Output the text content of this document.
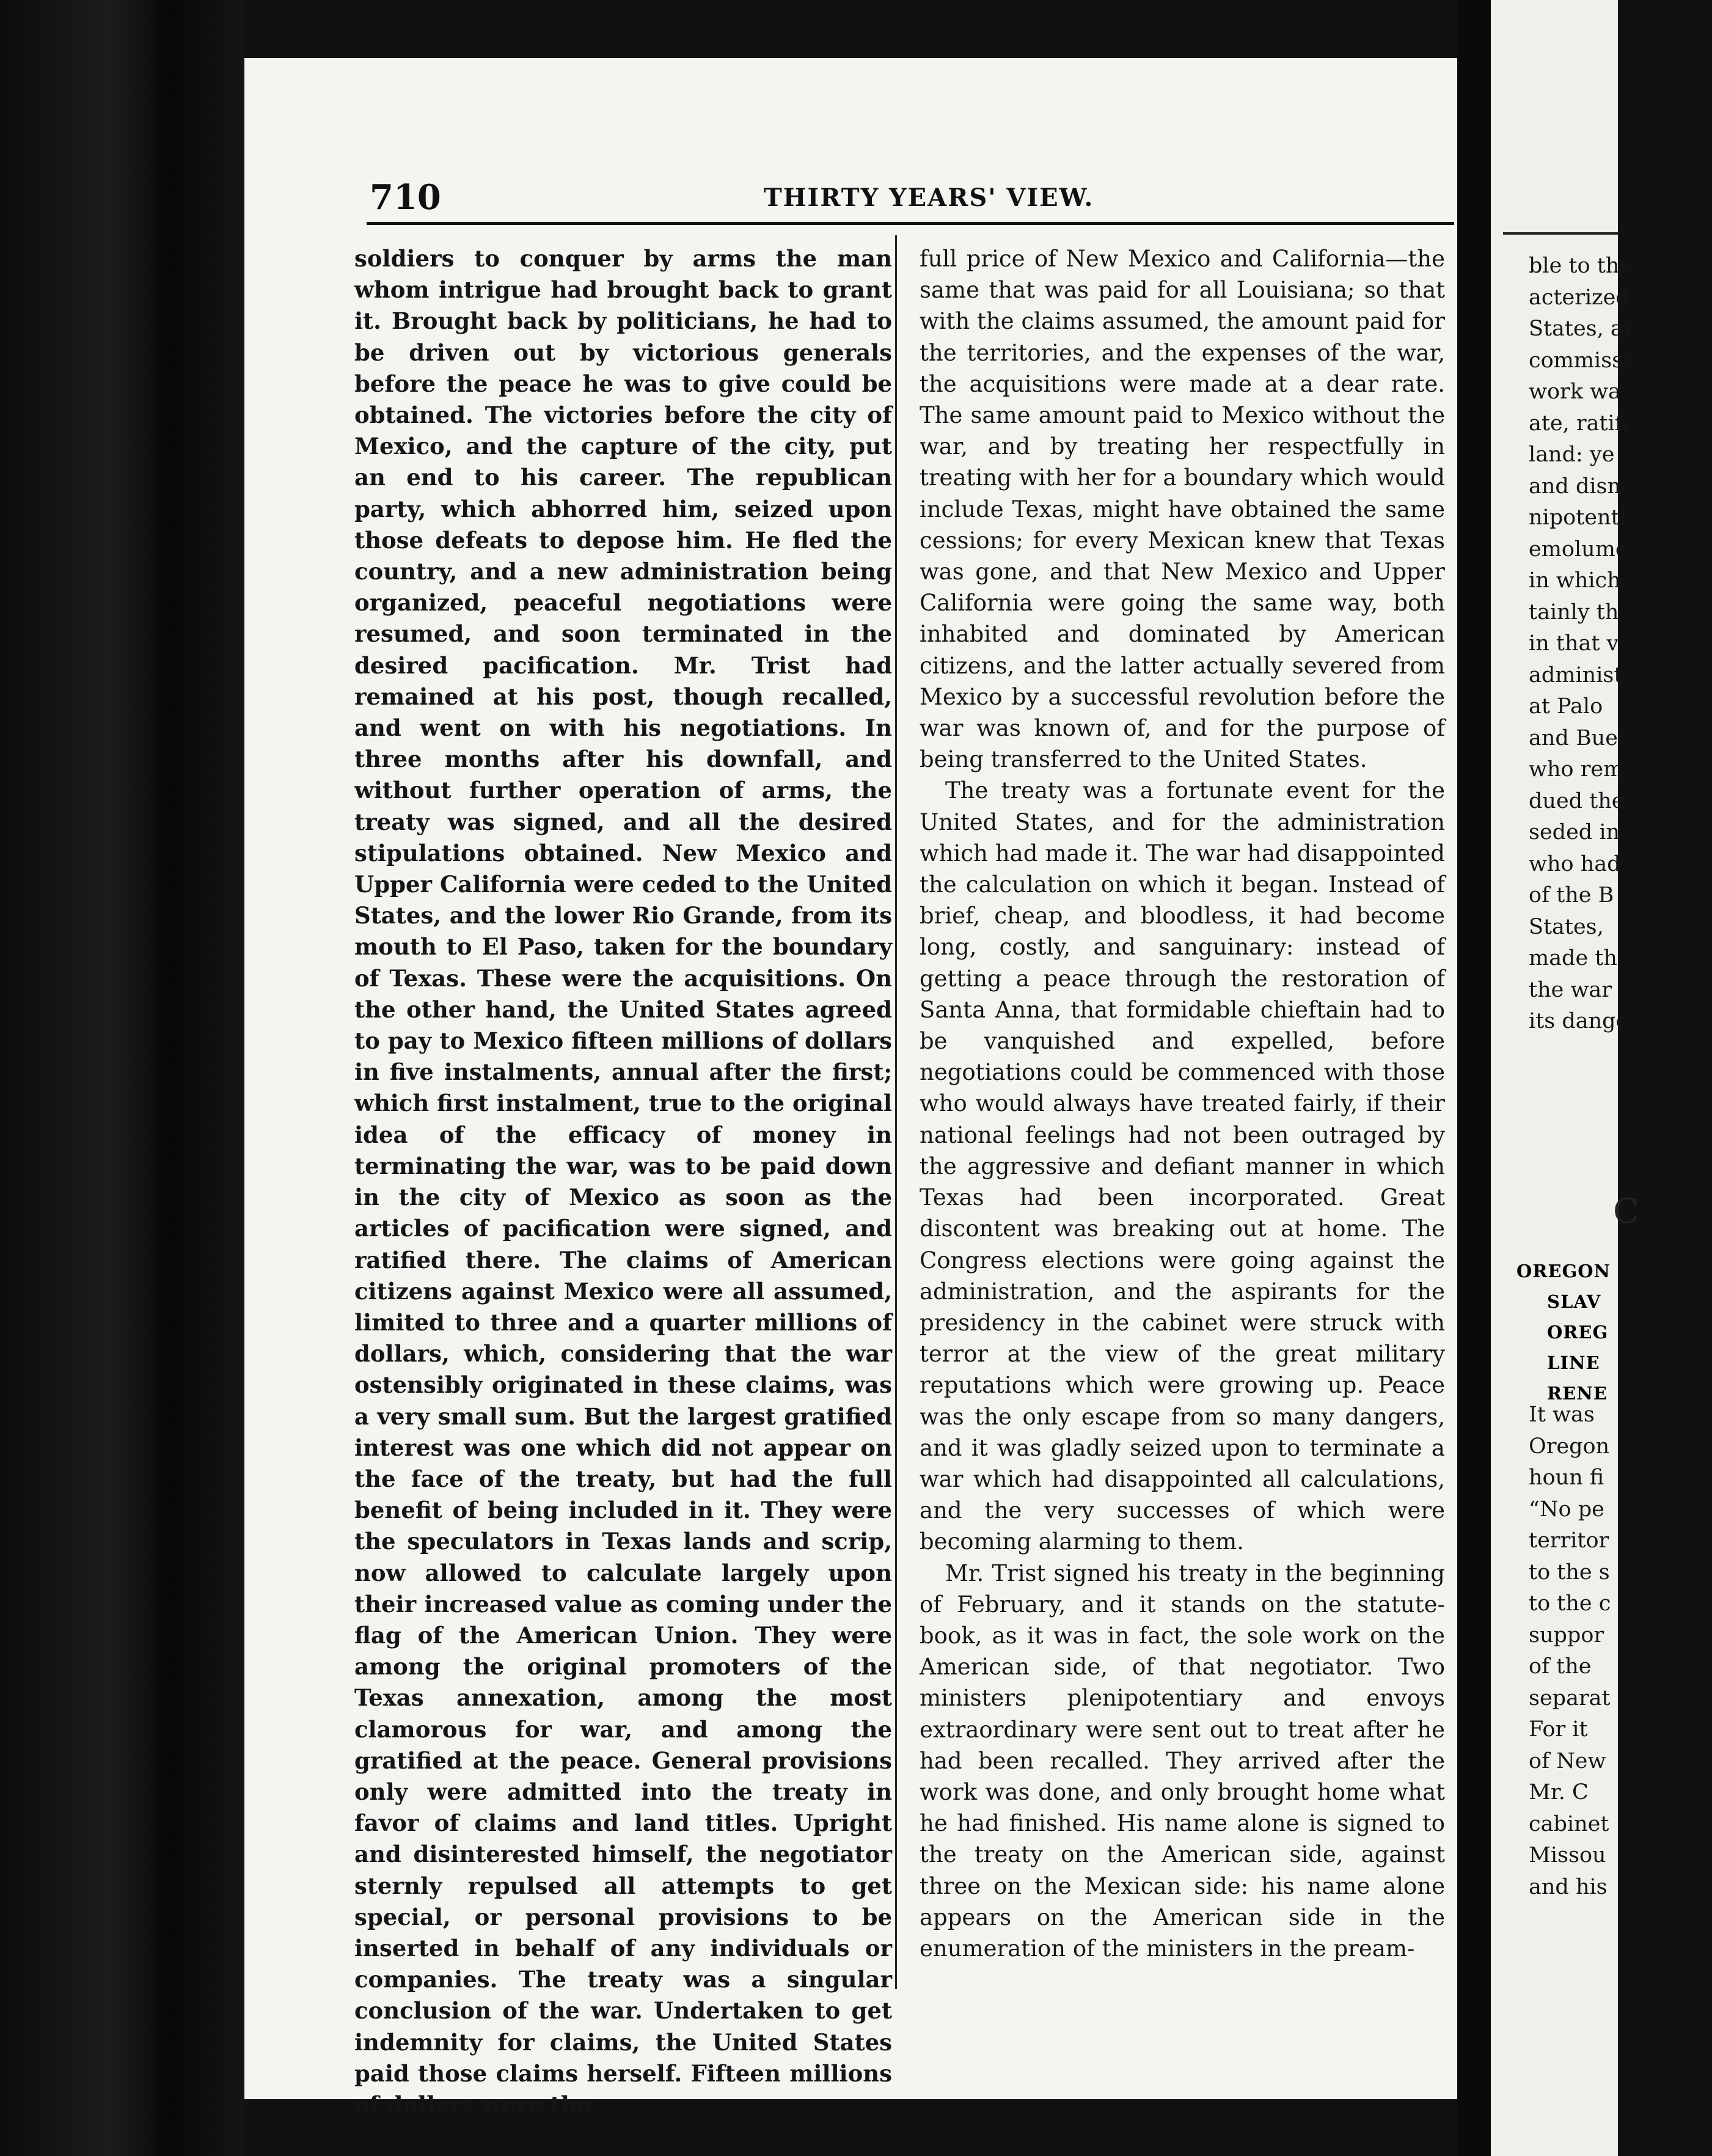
710	THIRTY YEARS' VIEW.

soldiers to conquer by arms the man whom intrigue had brought back to grant it. Brought back by politicians, he had to be driven out by victorious generals before the peace he was to give could be obtained. The victories before the city of Mexico, and the capture of the city, put an end to his career. The republican party, which abhorred him, seized upon those defeats to depose him. He fled the country, and a new administration being organized, peaceful negotiations were resumed, and soon terminated in the desired pacification. Mr. Trist had remained at his post, though recalled, and went on with his negotiations. In three months after his downfall, and without further operation of arms, the treaty was signed, and all the desired stipulations obtained. New Mexico and Upper California were ceded to the United States, and the lower Rio Grande, from its mouth to El Paso, taken for the boundary of Texas. These were the acquisitions. On the other hand, the United States agreed to pay to Mexico fifteen millions of dollars in five instalments, annual after the first; which first instalment, true to the original idea of the efficacy of money in terminating the war, was to be paid down in the city of Mexico as soon as the articles of pacification were signed, and ratified there. The claims of American citizens against Mexico were all assumed, limited to three and a quarter millions of dollars, which, considering that the war ostensibly originated in these claims, was a very small sum. But the largest gratified interest was one which did not appear on the face of the treaty, but had the full benefit of being included in it. They were the speculators in Texas lands and scrip, now allowed to calculate largely upon their increased value as coming under the flag of the American Union. They were among the original promoters of the Texas annexation, among the most clamorous for war, and among the gratified at the peace. General provisions only were admitted into the treaty in favor of claims and land titles. Upright and disinterested himself, the negotiator sternly repulsed all attempts to get special, or personal provisions to be inserted in behalf of any individuals or companies. The treaty was a singular conclusion of the war. Undertaken to get indemnity for claims, the United States paid those claims herself. Fifteen millions of dollars were the

full price of New Mexico and California—the same that was paid for all Louisiana; so that with the claims assumed, the amount paid for the territories, and the expenses of the war, the acquisitions were made at a dear rate. The same amount paid to Mexico without the war, and by treating her respectfully in treating with her for a boundary which would include Texas, might have obtained the same cessions; for every Mexican knew that Texas was gone, and that New Mexico and Upper California were going the same way, both inhabited and dominated by American citizens, and the latter actually severed from Mexico by a successful revolution before the war was known of, and for the purpose of being transferred to the United States.

The treaty was a fortunate event for the United States, and for the administration which had made it. The war had disappointed the calculation on which it began. Instead of brief, cheap, and bloodless, it had become long, costly, and sanguinary: instead of getting a peace through the restoration of Santa Anna, that formidable chieftain had to be vanquished and expelled, before negotiations could be commenced with those who would always have treated fairly, if their national feelings had not been outraged by the aggressive and defiant manner in which Texas had been incorporated. Great discontent was breaking out at home. The Congress elections were going against the administration, and the aspirants for the presidency in the cabinet were struck with terror at the view of the great military reputations which were growing up. Peace was the only escape from so many dangers, and it was gladly seized upon to terminate a war which had disappointed all calculations, and the very successes of which were becoming alarming to them.

Mr. Trist signed his treaty in the beginning of February, and it stands on the statute-book, as it was in fact, the sole work on the American side, of that negotiator. Two ministers plenipotentiary and envoys extraordinary were sent out to treat after he had been recalled. They arrived after the work was done, and only brought home what he had finished. His name alone is signed to the treaty on the American side, against three on the Mexican side: his name alone appears on the American side in the enumeration of the ministers in the pream-

ble to the
acterized
States, ar
commissi
work wa
ate, ratifi
land: ye
and dism
nipotenti
emolume
in which
tainly th
in that v
administ
at Palo
and Bue
who rem
dued the
seded in
who had
of the B
States,
made th
the war
its dange
C
OREGON
SLAV
OREG
LINE
RENE
It was
Oregon
houn fi
“No pe
territor
to the s
to the c
suppor
of the
separat
For it
of New
Mr. C
cabinet
Missou
and his
